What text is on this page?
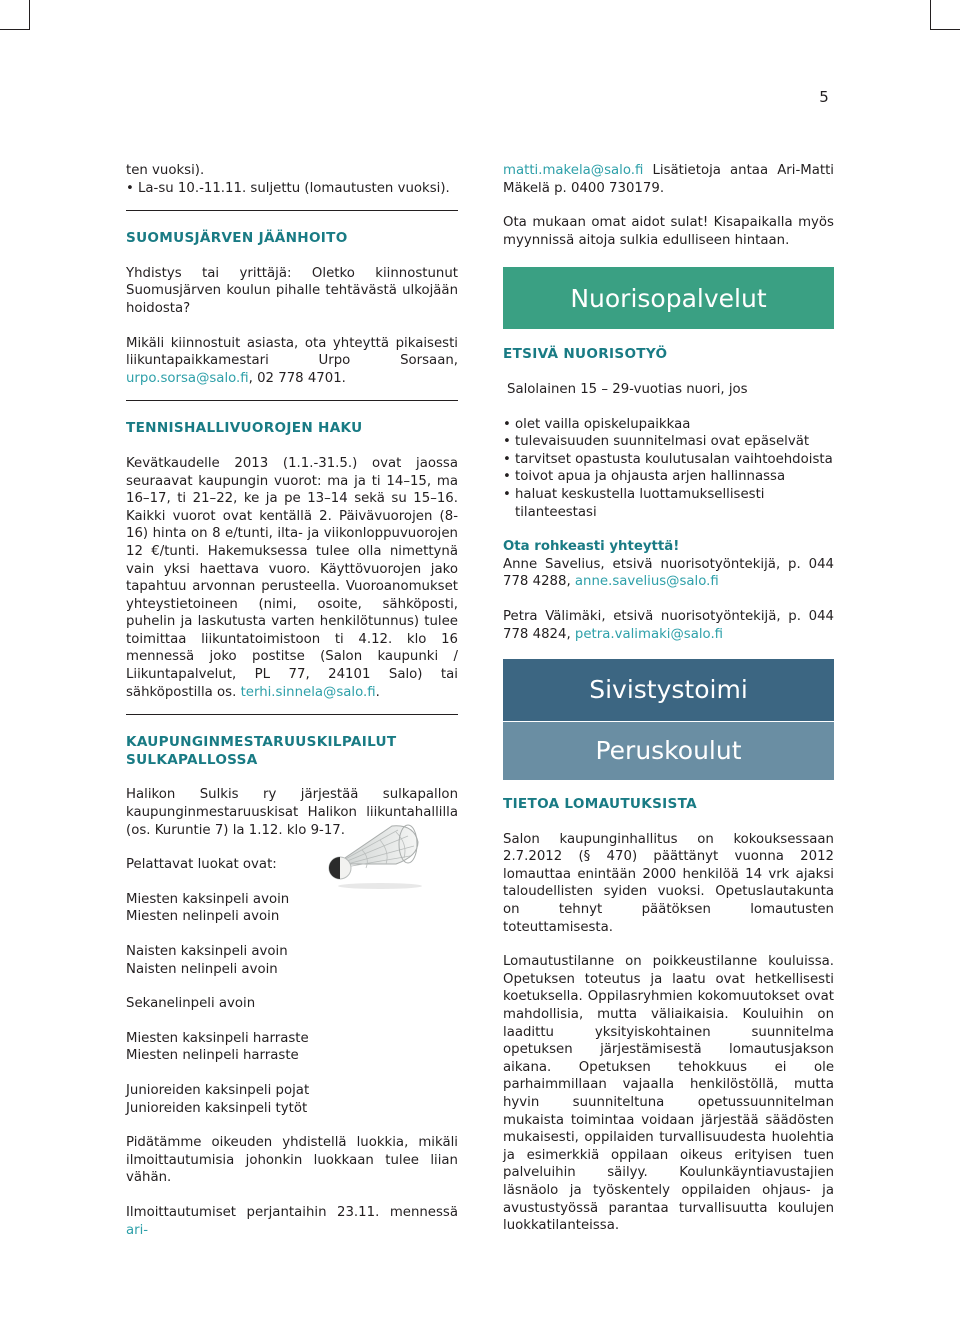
5

ten vuoksi).

• La-su 10.-11.11. suljettu (lomautusten vuoksi).
SUOMUSJÄRVEN JÄÄNHOITO

Yhdistys tai yrittäjä: Oletko kiinnostunut Suomusjärven koulun pihalle tehtävästä ulkojään hoidosta?

Mikäli kiinnostuit asiasta, ota yhteyttä pikaisesti liikuntapaikkamestari Urpo Sorsaan, urpo.sorsa@salo.fi, 02 778 4701.

TENNISHALLIVUOROJEN HAKU

Kevätkaudelle 2013 (1.1.-31.5.) ovat jaossa seuraavat kaupungin vuorot: ma ja ti 14–15, ma 16–17, ti 21–22, ke ja pe 13–14 sekä su 15–16. Kaikki vuorot ovat kentällä 2. Päivävuorojen (8-16) hinta on 8 e/tunti, ilta- ja viikonloppuvuorojen 12 €/tunti. Hakemuksessa tulee olla nimettynä vain yksi haettava vuoro. Käyttövuorojen jako tapahtuu arvonnan perusteella. Vuoroanomukset yhteystietoineen (nimi, osoite, sähköposti, puhelin ja laskutusta varten henkilötunnus) tulee toimittaa liikuntatoimistoon ti 4.12. klo 16 mennessä joko postitse (Salon kaupunki / Liikuntapalvelut, PL 77, 24101 Salo) tai sähköpostilla os. terhi.sinnela@salo.fi.

KAUPUNGINMESTARUUSKILPAILUT
SULKAPALLOSSA

Halikon Sulkis ry järjestää sulkapallon kaupunginmestaruuskisat Halikon liikuntahallilla (os. Kuruntie 7) la 1.12. klo 9-17.

Pelattavat luokat ovat:

Miesten kaksinpeli avoin
Miesten nelinpeli avoin
Naisten kaksinpeli avoin
Naisten nelinpeli avoin
Sekanelinpeli avoin
Miesten kaksinpeli harraste
Miesten nelinpeli harraste
Junioreiden kaksinpeli pojat
Junioreiden kaksinpeli tytöt

Pidätämme oikeuden yhdistellä luokkia, mikäli ilmoittautumisia johonkin luokkaan tulee liian vähän.

Ilmoittautumiset perjantaihin 23.11. mennessä ari-

matti.makela@salo.fi Lisätietoja antaa Ari-Matti Mäkelä p. 0400 730179.

Ota mukaan omat aidot sulat! Kisapaikalla myös myynnissä aitoja sulkia edulliseen hintaan.

Nuorisopalvelut
ETSIVÄ NUORISOTYÖ

Salolainen 15 – 29-vuotias nuori, jos

• olet vailla opiskelupaikkaa
• tulevaisuuden suunnitelmasi ovat epäselvät
• tarvitset opastusta koulutusalan vaihtoehdoista
• toivot apua ja ohjausta arjen hallinnassa
• haluat keskustella luottamuksellisesti tilanteestasi

Ota rohkeasti yhteyttä!

Anne Savelius, etsivä nuorisotyöntekijä, p. 044 778 4288, anne.savelius@salo.fi

Petra Välimäki, etsivä nuorisotyöntekijä, p. 044 778 4824, petra.valimaki@salo.fi

Sivistystoimi
Peruskoulut
TIETOA LOMAUTUKSISTA

Salon kaupunginhallitus on kokouksessaan 2.7.2012 (§ 470) päättänyt vuonna 2012 lomauttaa enintään 2000 henkilöä 14 vrk ajaksi taloudellisten syiden vuoksi. Opetuslautakunta on tehnyt päätöksen lomautusten toteuttamisesta.

Lomautustilanne on poikkeustilanne kouluissa. Opetuksen toteutus ja laatu ovat hetkellisesti koetuksella. Oppilasryhmien kokomuutokset ovat mahdollisia, mutta väliaikaisia. Kouluihin on laadittu yksityiskohtainen suunnitelma opetuksen järjestämisestä lomautusjakson aikana. Opetuksen tehokkuus ei ole parhaimmillaan vajaalla henkilöstöllä, mutta hyvin suunniteltuna opetussuunnitelman mukaista toimintaa voidaan järjestää säädösten mukaisesti, oppilaiden turvallisuudesta huolehtia ja esimerkkiä oppilaan oikeus erityisen tuen palveluihin säilyy. Koulunkäyntiavustajien läsnäolo ja työskentely oppilaiden ohjaus- ja avustustyössä parantaa turvallisuutta koulujen luokkatilanteissa.
